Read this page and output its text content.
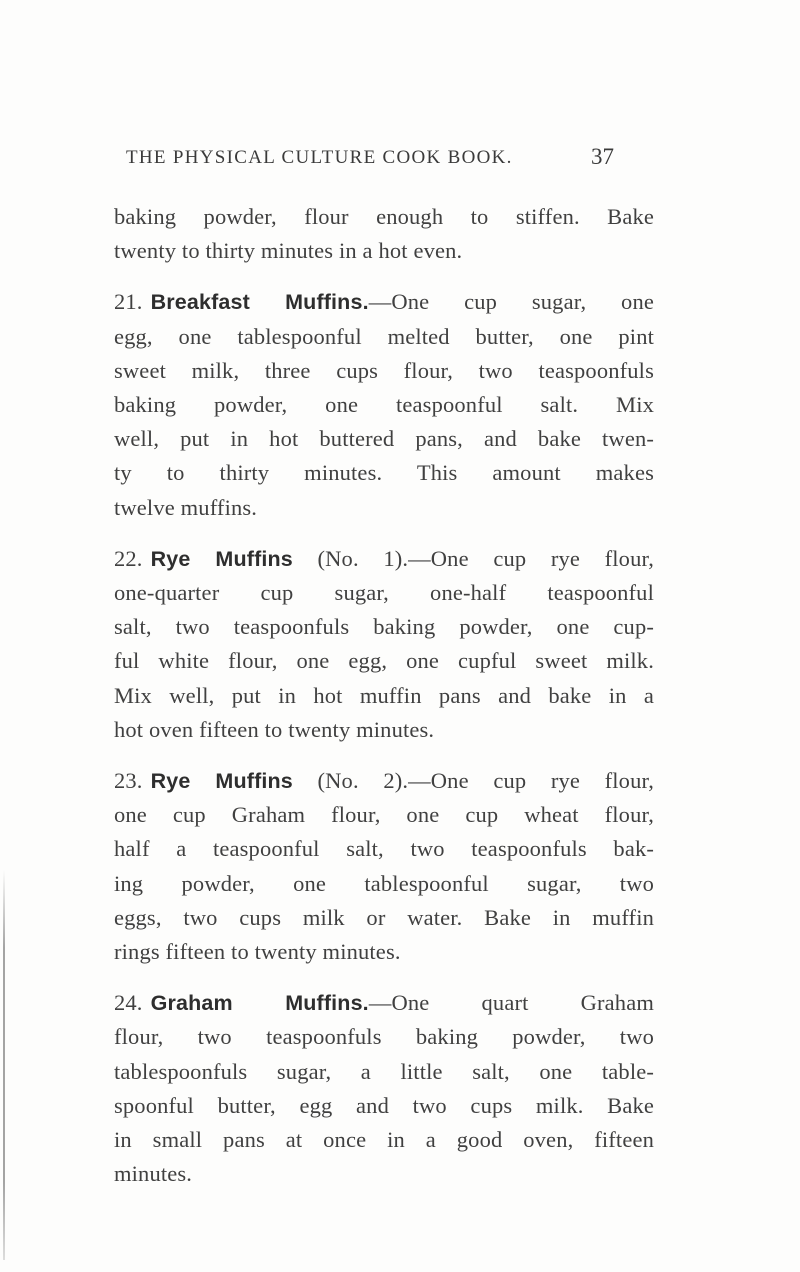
THE PHYSICAL CULTURE COOK BOOK.	37

baking powder, flour enough to stiffen. Bake
twenty to thirty minutes in a hot even.

21. Breakfast Muffins.—One cup sugar, one
egg, one tablespoonful melted butter, one pint
sweet milk, three cups flour, two teaspoonfuls
baking powder, one teaspoonful salt. Mix
well, put in hot buttered pans, and bake twen-
ty to thirty minutes. This amount makes
twelve muffins.

22. Rye Muffins (No. 1).—One cup rye flour,
one-quarter cup sugar, one-half teaspoonful
salt, two teaspoonfuls baking powder, one cup-
ful white flour, one egg, one cupful sweet milk.
Mix well, put in hot muffin pans and bake in a
hot oven fifteen to twenty minutes.

23. Rye Muffins (No. 2).—One cup rye flour,
one cup Graham flour, one cup wheat flour,
half a teaspoonful salt, two teaspoonfuls bak-
ing powder, one tablespoonful sugar, two
eggs, two cups milk or water. Bake in muffin
rings fifteen to twenty minutes.

24. Graham Muffins.—One quart Graham
flour, two teaspoonfuls baking powder, two
tablespoonfuls sugar, a little salt, one table-
spoonful butter, egg and two cups milk. Bake
in small pans at once in a good oven, fifteen
minutes.
